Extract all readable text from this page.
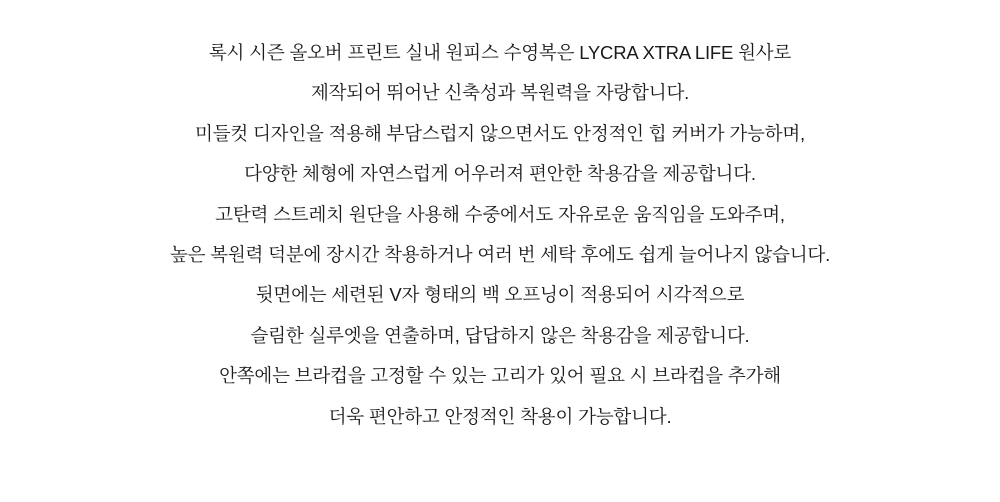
록시 시즌 올오버 프린트 실내 원피스 수영복은 LYCRA XTRA LIFE 원사로
제작되어 뛰어난 신축성과 복원력을 자랑합니다.
미들컷 디자인을 적용해 부담스럽지 않으면서도 안정적인 힙 커버가 가능하며,
다양한 체형에 자연스럽게 어우러져 편안한 착용감을 제공합니다.
고탄력 스트레치 원단을 사용해 수중에서도 자유로운 움직임을 도와주며,
높은 복원력 덕분에 장시간 착용하거나 여러 번 세탁 후에도 쉽게 늘어나지 않습니다.
뒷면에는 세련된 V자 형태의 백 오프닝이 적용되어 시각적으로
슬림한 실루엣을 연출하며, 답답하지 않은 착용감을 제공합니다.
안쪽에는 브라컵을 고정할 수 있는 고리가 있어 필요 시 브라컵을 추가해
더욱 편안하고 안정적인 착용이 가능합니다.
